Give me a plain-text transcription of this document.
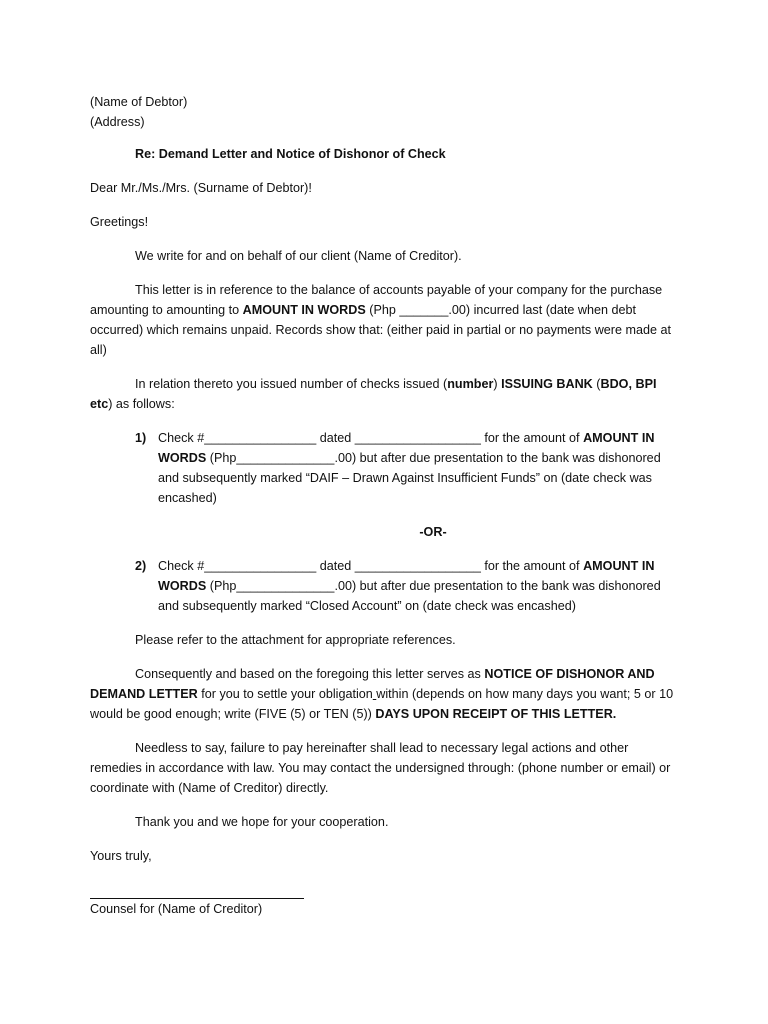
(Name of Debtor)
(Address)

Re: Demand Letter and Notice of Dishonor of Check

Dear Mr./Ms./Mrs. (Surname of Debtor)!

Greetings!

We write for and on behalf of our client (Name of Creditor).

This letter is in reference to the balance of accounts payable of your company for the purchase amounting to amounting to AMOUNT IN WORDS (Php _______.00) incurred last (date when debt occurred) which remains unpaid. Records show that: (either paid in partial or no payments were made at all)

In relation thereto you issued number of checks issued (number) ISSUING BANK (BDO, BPI etc) as follows:

1) Check #________________ dated __________________ for the amount of AMOUNT IN WORDS (Php______________.00) but after due presentation to the bank was dishonored and subsequently marked “DAIF – Drawn Against Insufficient Funds” on (date check was encashed)

-OR-

2) Check #________________ dated __________________ for the amount of AMOUNT IN WORDS (Php______________.00) but after due presentation to the bank was dishonored and subsequently marked “Closed Account” on (date check was encashed)

Please refer to the attachment for appropriate references.

Consequently and based on the foregoing this letter serves as NOTICE OF DISHONOR AND DEMAND LETTER for you to settle your obligation within (depends on how many days you want; 5 or 10 would be good enough; write (FIVE (5) or TEN (5)) DAYS UPON RECEIPT OF THIS LETTER.

Needless to say, failure to pay hereinafter shall lead to necessary legal actions and other remedies in accordance with law. You may contact the undersigned through: (phone number or email) or coordinate with (Name of Creditor) directly.

Thank you and we hope for your cooperation.

Yours truly,

Counsel for (Name of Creditor)
